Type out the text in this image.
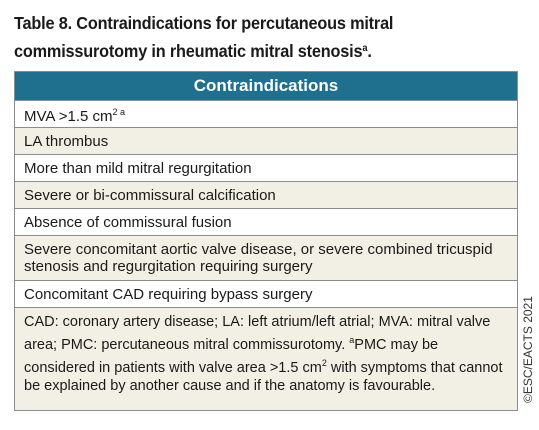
Table 8. Contraindications for percutaneous mitral
commissurotomy in rheumatic mitral stenosis$^a$.
Contraindications
MVA >1.5 $cm^{2 a}$
LA thrombus
More than mild mitral regurgitation
Severe or bi-commissural calcification
Absence of commissural fusion
Severe concomitant aortic valve disease, or severe combined tricuspid stenosis and regurgitation requiring surgery
Concomitant CAD requiring bypass surgery
CAD: coronary artery disease; LA: left atrium/left atrial; MVA: mitral valve area; PMC: percutaneous mitral commissurotomy. $^a$PMC may be considered in patients with valve area >1.5 $cm^2$ with symptoms that cannot be explained by another cause and if the anatomy is favourable.	©ESC/EACTS 2021
